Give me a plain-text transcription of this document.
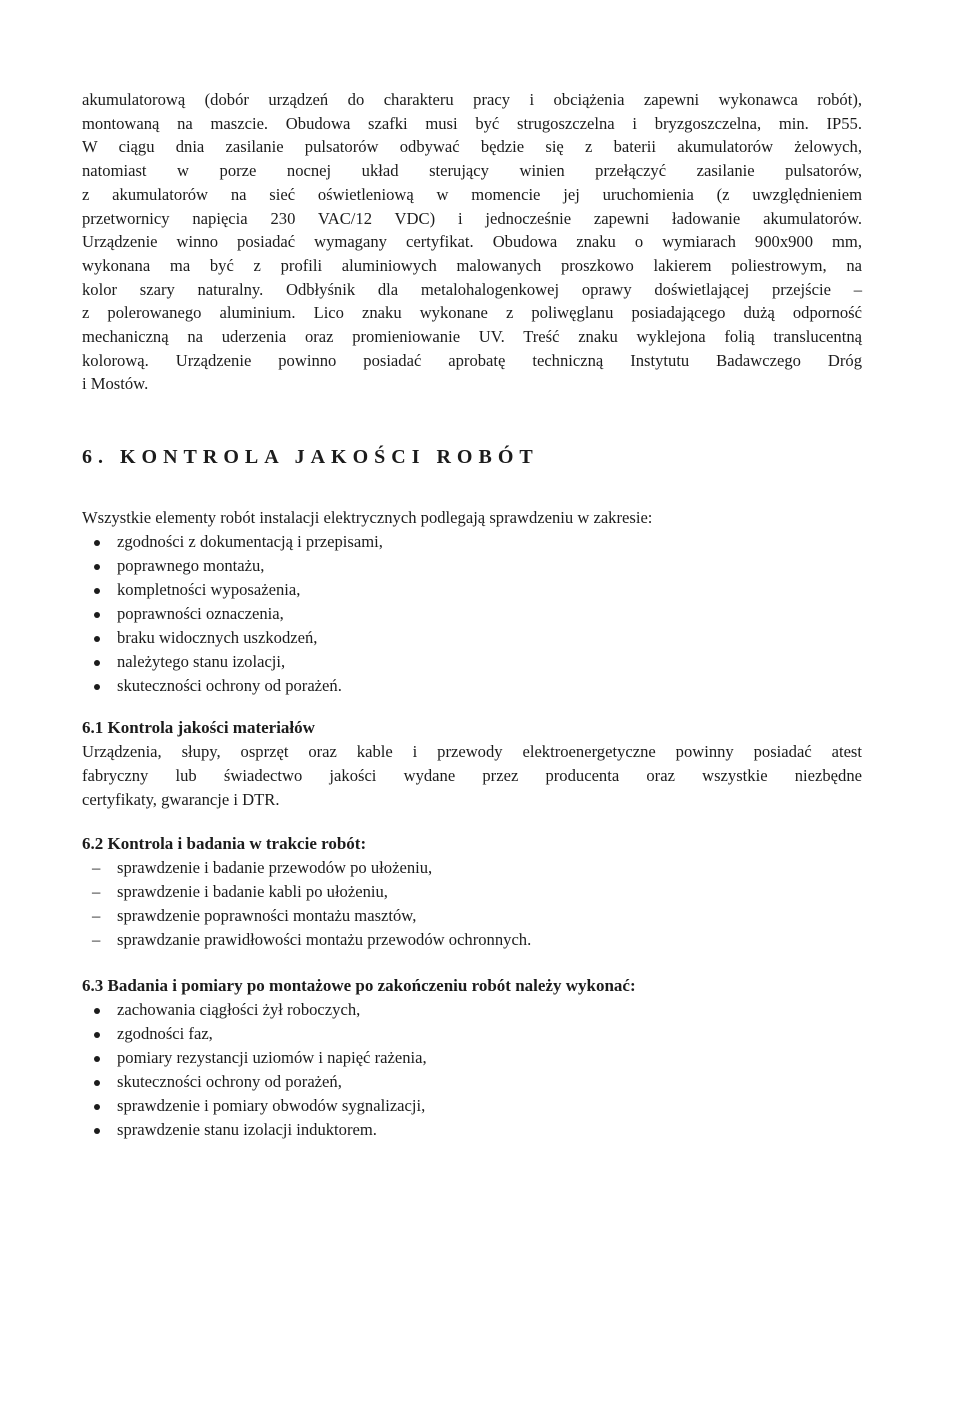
akumulatorową (dobór urządzeń do charakteru pracy i obciążenia zapewni wykonawca robót),
montowaną na maszcie. Obudowa szafki musi być strugoszczelna i bryzgoszczelna, min. IP55.
W ciągu dnia zasilanie pulsatorów odbywać będzie się z baterii akumulatorów żelowych,
natomiast w porze nocnej układ sterujący winien przełączyć zasilanie pulsatorów,
z akumulatorów na sieć oświetleniową w momencie jej uruchomienia (z uwzględnieniem
przetwornicy napięcia 230 VAC/12 VDC) i jednocześnie zapewni ładowanie akumulatorów.
Urządzenie winno posiadać wymagany certyfikat. Obudowa znaku o wymiarach 900x900 mm,
wykonana ma być z profili aluminiowych malowanych proszkowo lakierem poliestrowym, na
kolor szary naturalny. Odbłyśnik dla metalohalogenkowej oprawy doświetlającej przejście –
z polerowanego aluminium. Lico znaku wykonane z poliwęglanu posiadającego dużą odporność
mechaniczną na uderzenia oraz promieniowanie UV. Treść znaku wyklejona folią translucentną
kolorową. Urządzenie powinno posiadać aprobatę techniczną Instytutu Badawczego Dróg
i Mostów.

6. KONTROLA JAKOŚCI ROBÓT

Wszystkie elementy robót instalacji elektrycznych podlegają sprawdzeniu w zakresie:

zgodności z dokumentacją i przepisami,
poprawnego montażu,
kompletności wyposażenia,
poprawności oznaczenia,
braku widocznych uszkodzeń,
należytego stanu izolacji,
skuteczności ochrony od porażeń.
6.1 Kontrola jakości materiałów

Urządzenia, słupy, osprzęt oraz kable i przewody elektroenergetyczne powinny posiadać atest
fabryczny lub świadectwo jakości wydane przez producenta oraz wszystkie niezbędne
certyfikaty, gwarancje i DTR.

6.2 Kontrola i badania w trakcie robót:
– sprawdzenie i badanie przewodów po ułożeniu,
– sprawdzenie i badanie kabli po ułożeniu,
– sprawdzenie poprawności montażu masztów,
– sprawdzanie prawidłowości montażu przewodów ochronnych.
6.3 Badania i pomiary po montażowe po zakończeniu robót należy wykonać:
zachowania ciągłości żył roboczych,
zgodności faz,
pomiary rezystancji uziomów i napięć rażenia,
skuteczności ochrony od porażeń,
sprawdzenie i pomiary obwodów sygnalizacji,
sprawdzenie stanu izolacji induktorem.
